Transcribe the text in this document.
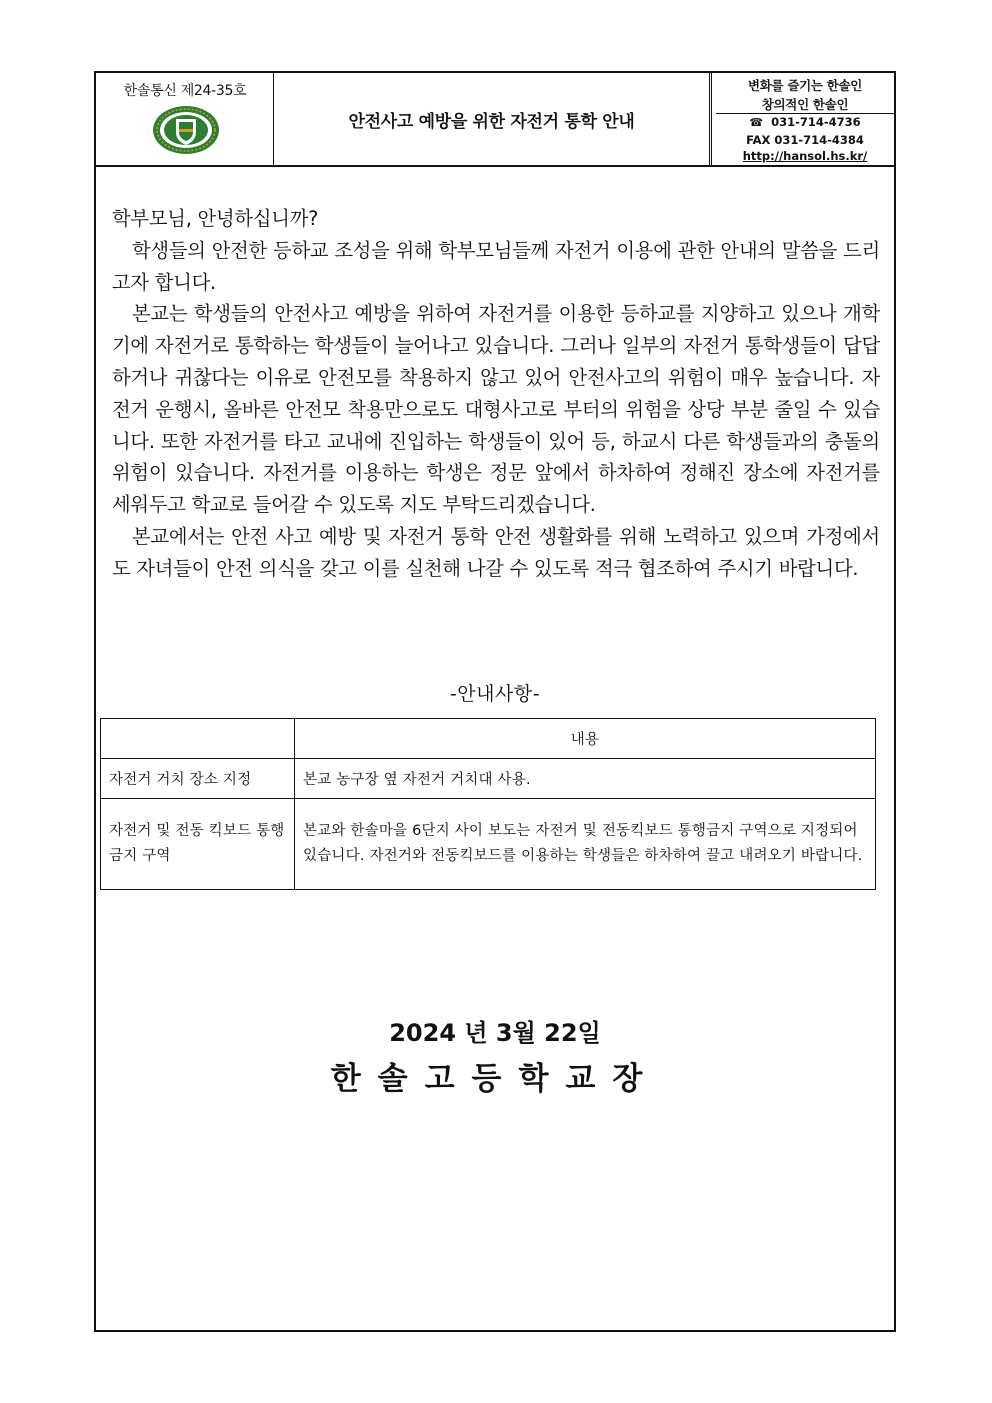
한솔통신 제24-35호
안전사고 예방을 위한 자전거 통학 안내
변화를 즐기는 한솔인
창의적인 한솔인
☎ 031-714-4736
FAX 031-714-4384
http://hansol.hs.kr/

학부모님, 안녕하십니까?

학생들의 안전한 등하교 조성을 위해 학부모님들께 자전거 이용에 관한 안내의 말씀을 드리고자 합니다.

본교는 학생들의 안전사고 예방을 위하여 자전거를 이용한 등하교를 지양하고 있으나 개학기에 자전거로 통학하는 학생들이 늘어나고 있습니다. 그러나 일부의 자전거 통학생들이 답답하거나 귀찮다는 이유로 안전모를 착용하지 않고 있어 안전사고의 위험이 매우 높습니다. 자전거 운행시, 올바른 안전모 착용만으로도 대형사고로 부터의 위험을 상당 부분 줄일 수 있습니다. 또한 자전거를 타고 교내에 진입하는 학생들이 있어 등, 하교시 다른 학생들과의 충돌의 위험이 있습니다. 자전거를 이용하는 학생은 정문 앞에서 하차하여 정해진 장소에 자전거를 세워두고 학교로 들어갈 수 있도록 지도 부탁드리겠습니다.

본교에서는 안전 사고 예방 및 자전거 통학 안전 생활화를 위해 노력하고 있으며 가정에서도 자녀들이 안전 의식을 갖고 이를 실천해 나갈 수 있도록 적극 협조하여 주시기 바랍니다.

-안내사항-
	내용
자전거 거치 장소 지정	본교 농구장 옆 자전거 거치대 사용.
자전거 및 전동 킥보드 통행금지 구역	본교와 한솔마을 6단지 사이 보도는 자전거 및 전동킥보드 통행금지 구역으로 지정되어있습니다. 자전거와 전동킥보드를 이용하는 학생들은 하차하여 끌고 내려오기 바랍니다.
2024 년 3월 22일
한솔고등학교장
